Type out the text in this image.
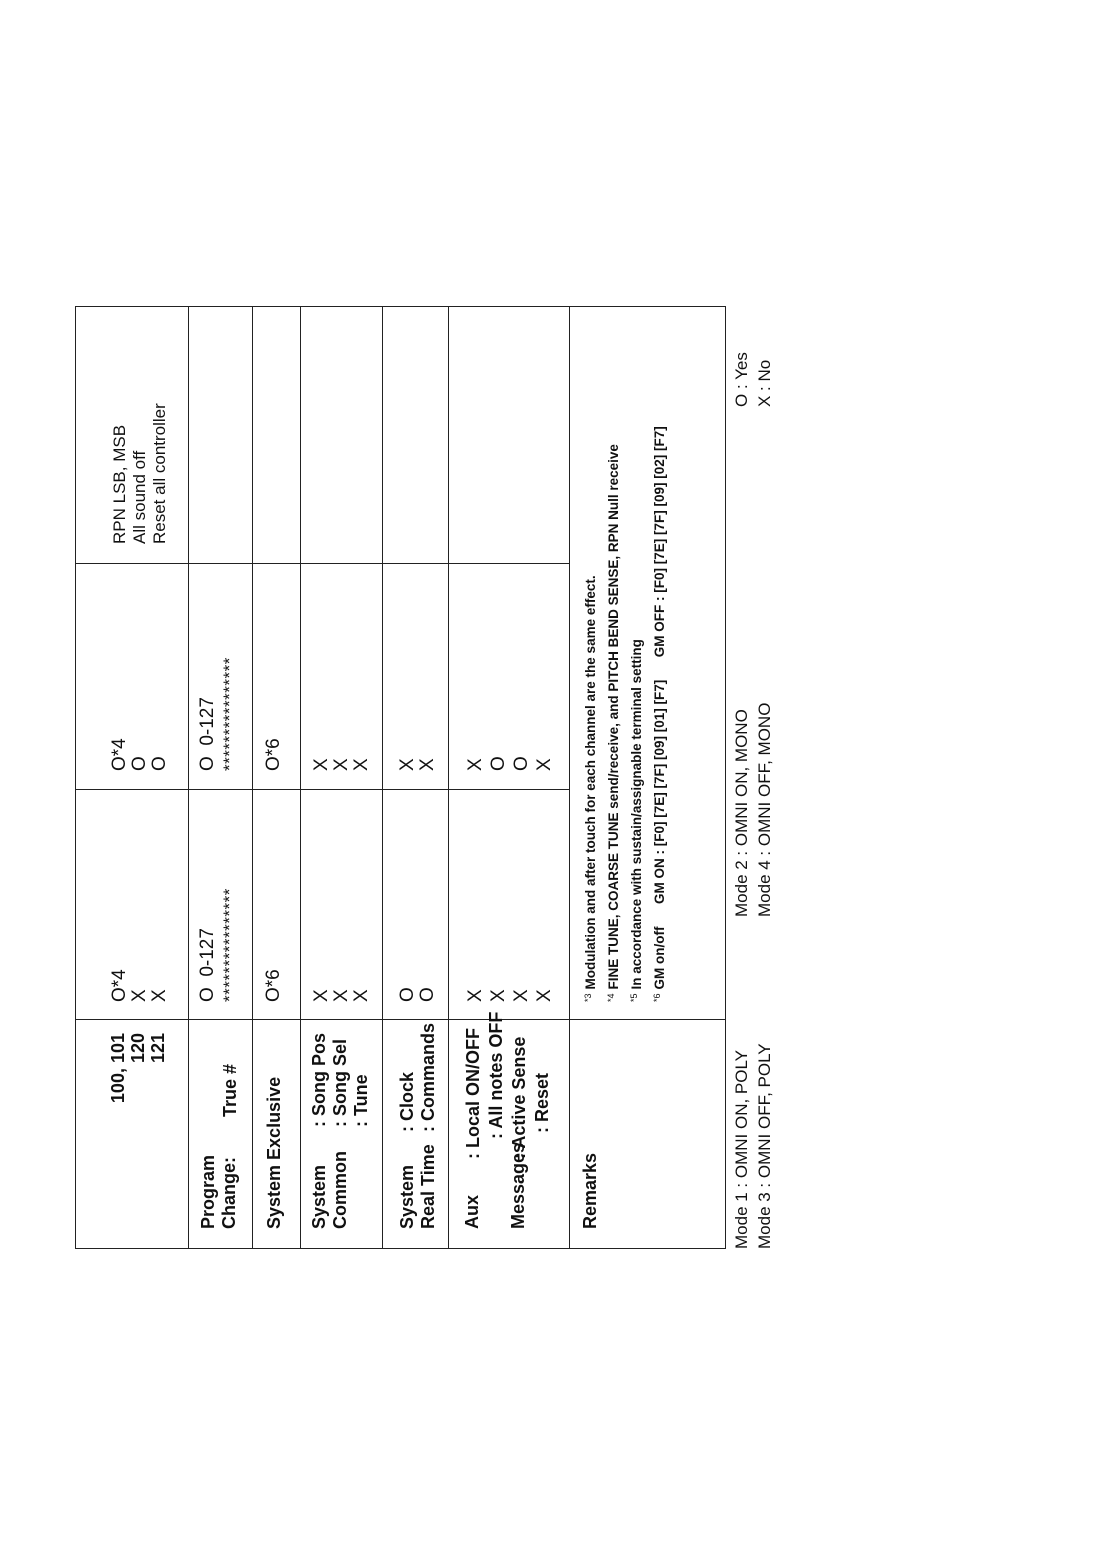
100, 101 120 121
O*4 X X
O*4 O O
RPN LSB, MSB All sound off Reset all controller
Program Change:
True #
O  0-127 ****************
O  0-127 ****************
System Exclusive
O*6
O*6
System Common
: Song Pos : Song Sel : Tune
X X X
X X X
System Real Time
: Clock : Commands
O O
X X
Aux Messages
: Local ON/OFF : All notes OFF : Active Sense : Reset
X X X X
X O O X
Remarks
$^{*3}$Modulation and after touch for each channel are the same effect.
$^{*4}$FINE TUNE, COARSE TUNE send/receive, and PITCH BEND SENSE, RPN Null receive
$^{*5}$In accordance with sustain/assignable terminal setting
$^{*6}$GM on/off      GM ON : [F0] [7E] [7F] [09] [01] [F7]      GM OFF : [F0] [7E] [7F] [09] [02] [F7]
Mode 1 : OMNI ON, POLY Mode 3 : OMNI OFF, POLY
Mode 2 : OMNI ON, MONO Mode 4 : OMNI OFF, MONO
O : Yes X : No
